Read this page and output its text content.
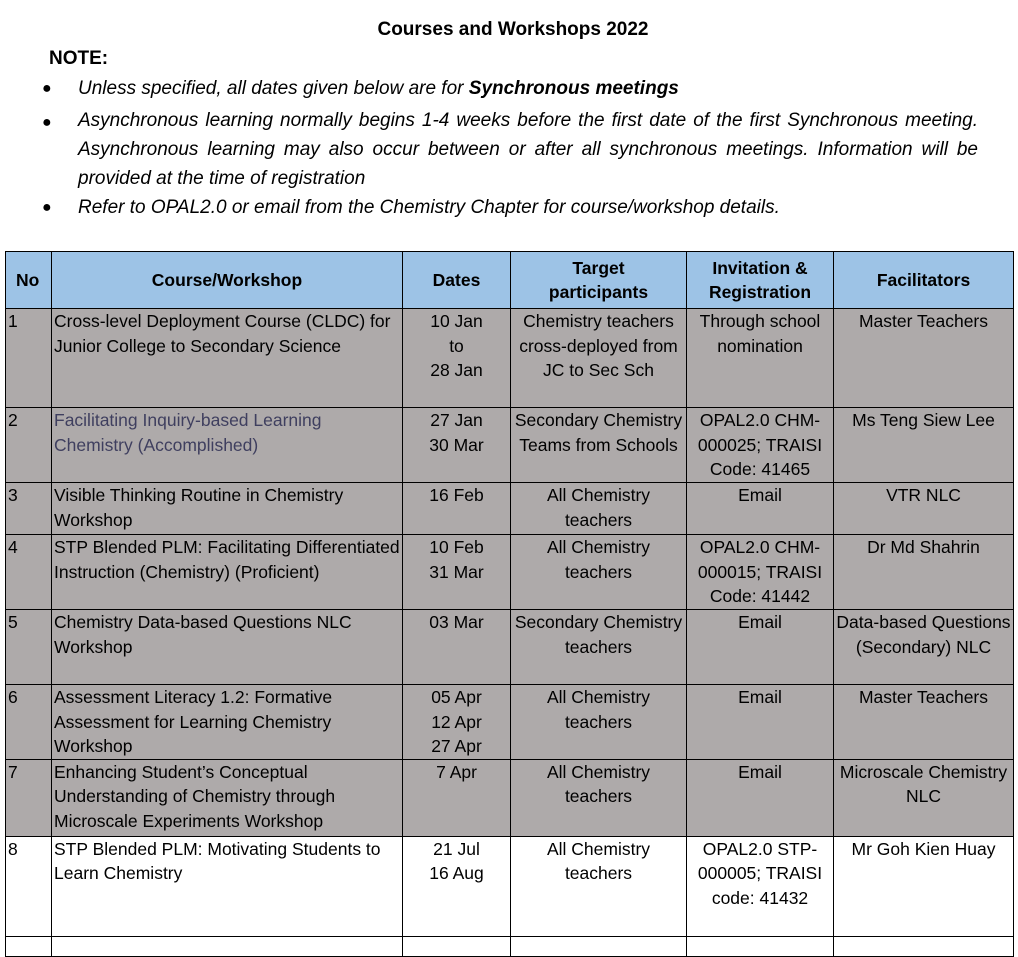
Courses and Workshops 2022
NOTE:
● Unless specified, all dates given below are for Synchronous meetings
● Asynchronous learning normally begins 1-4 weeks before the first date of the first Synchronous meeting. Asynchronous learning may also occur between or after all synchronous meetings. Information will be provided at the time of registration
● Refer to OPAL2.0 or email from the Chemistry Chapter for course/workshop details.
No	Course/Workshop	Dates	Target
participants	Invitation &
Registration	Facilitators
1	Cross-level Deployment Course (CLDC) for Junior College to Secondary Science	10 Jan
to
28 Jan	Chemistry teachers cross-deployed from JC to Sec Sch	Through school nomination	Master Teachers
2	Facilitating Inquiry-based Learning Chemistry (Accomplished)	27 Jan
30 Mar	Secondary Chemistry Teams from Schools	OPAL2.0 CHM-000025; TRAISI Code: 41465	Ms Teng Siew Lee
3	Visible Thinking Routine in Chemistry Workshop	16 Feb	All Chemistry teachers	Email	VTR NLC
4	STP Blended PLM: Facilitating Differentiated Instruction (Chemistry) (Proficient)	10 Feb
31 Mar	All Chemistry teachers	OPAL2.0 CHM-000015; TRAISI Code: 41442	Dr Md Shahrin
5	Chemistry Data-based Questions NLC Workshop	03 Mar	Secondary Chemistry teachers	Email	Data-based Questions (Secondary) NLC
6	Assessment Literacy 1.2: Formative Assessment for Learning Chemistry Workshop	05 Apr
12 Apr
27 Apr	All Chemistry teachers	Email	Master Teachers
7	Enhancing Student’s Conceptual Understanding of Chemistry through Microscale Experiments Workshop	7 Apr	All Chemistry teachers	Email	Microscale Chemistry NLC
8	STP Blended PLM: Motivating Students to Learn Chemistry	21 Jul
16 Aug	All Chemistry teachers	OPAL2.0 STP-000005; TRAISI code: 41432	Mr Goh Kien Huay
